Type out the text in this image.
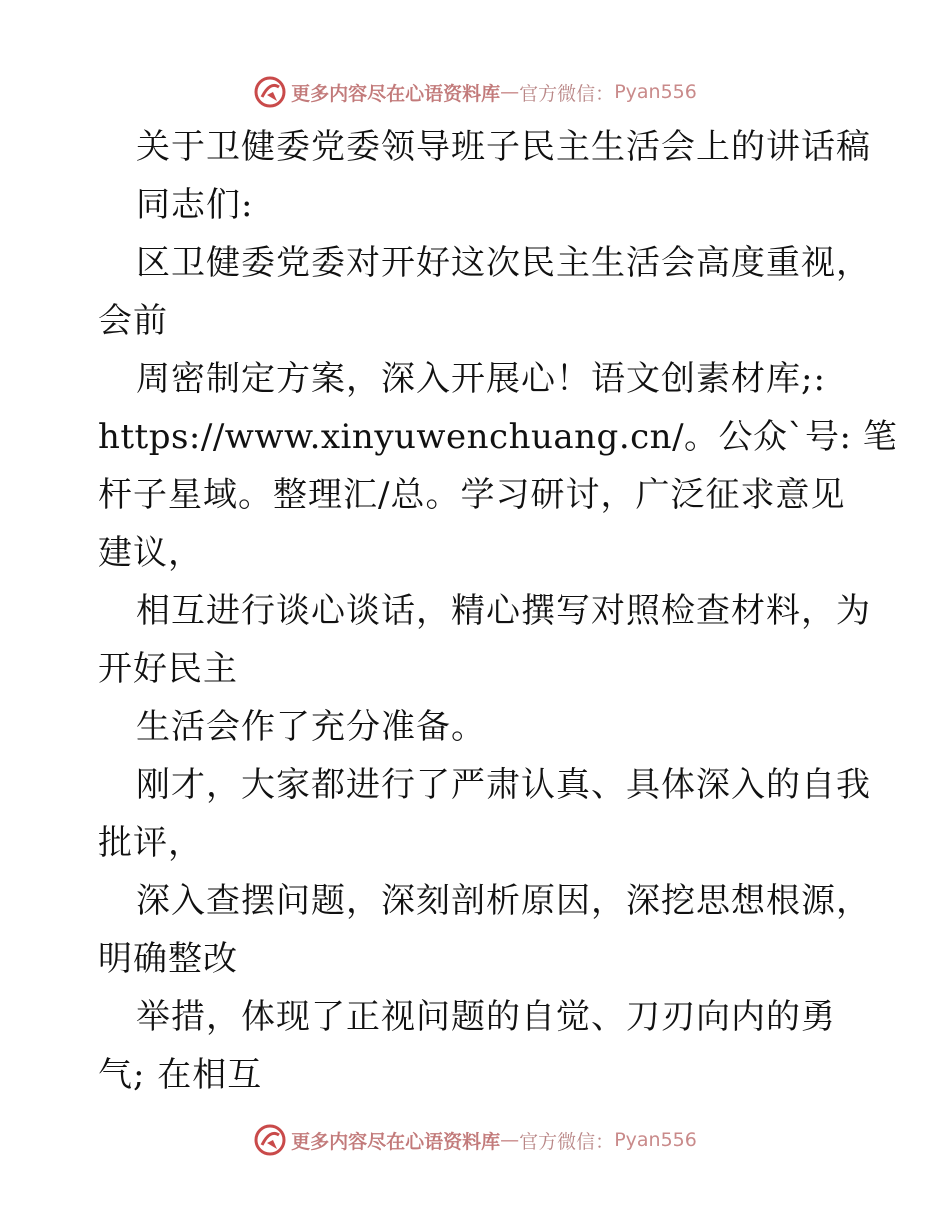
更多内容尽在心语资料库 — 官方微信： Pyan556
关于卫健委党委领导班子民主生活会上的讲话稿
同志们:
区卫健委党委对开好这次民主生活会高度重视，
会前
周密制定方案，深入开展心！语文创素材库;:
https://www.xinyuwenchuang.cn/。公众`号: 笔
杆子星域。整理汇/总。学习研讨，广泛征求意见
建议，
相互进行谈心谈话，精心撰写对照检查材料，为
开好民主
生活会作了充分准备。
刚才，大家都进行了严肃认真、具体深入的自我
批评，
深入查摆问题，深刻剖析原因，深挖思想根源，
明确整改
举措，体现了正视问题的自觉、刀刃向内的勇
气; 在相互
更多内容尽在心语资料库 — 官方微信： Pyan556
